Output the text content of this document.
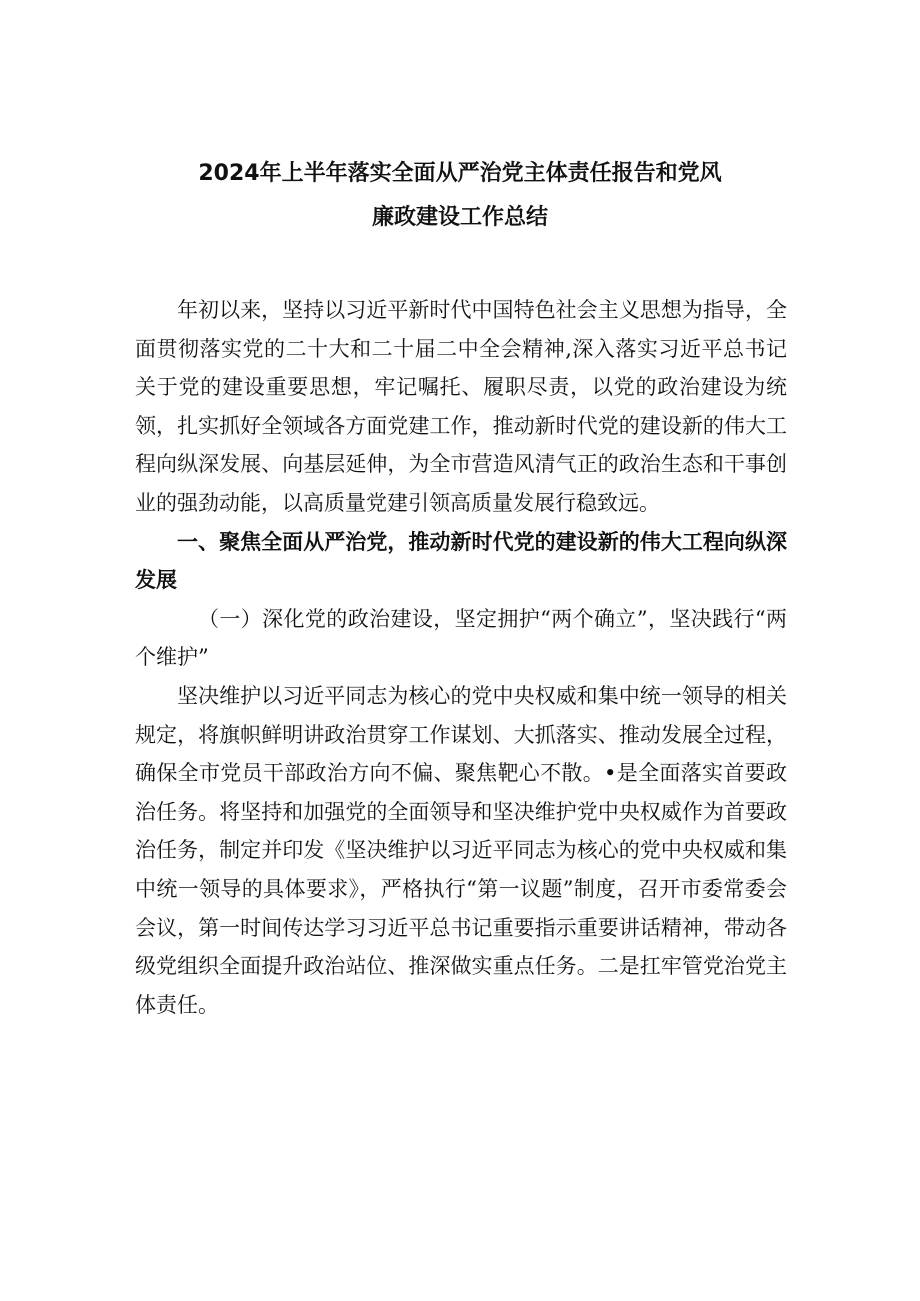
2024年上半年落实全面从严治党主体责任报告和党风
廉政建设工作总结

年初以来，坚持以习近平新时代中国特色社会主义思想为指导，全面贯彻落实党的二十大和二十届二中全会精神,深入落实习近平总书记关于党的建设重要思想，牢记嘱托、履职尽责，以党的政治建设为统领，扎实抓好全领域各方面党建工作，推动新时代党的建设新的伟大工程向纵深发展、向基层延伸，为全市营造风清气正的政治生态和干事创业的强劲动能，以高质量党建引领高质量发展行稳致远。

一、聚焦全面从严治党，推动新时代党的建设新的伟大工程向纵深发展

（一）深化党的政治建设，坚定拥护“两个确立”，坚决践行“两个维护”

坚决维护以习近平同志为核心的党中央权威和集中统一领导的相关规定，将旗帜鲜明讲政治贯穿工作谋划、大抓落实、推动发展全过程，确保全市党员干部政治方向不偏、聚焦靶心不散。•是全面落实首要政治任务。将坚持和加强党的全面领导和坚决维护党中央权威作为首要政治任务，制定并印发《坚决维护以习近平同志为核心的党中央权威和集中统一领导的具体要求》，严格执行“第一议题”制度，召开市委常委会会议，第一时间传达学习习近平总书记重要指示重要讲话精神，带动各级党组织全面提升政治站位、推深做实重点任务。二是扛牢管党治党主体责任。
